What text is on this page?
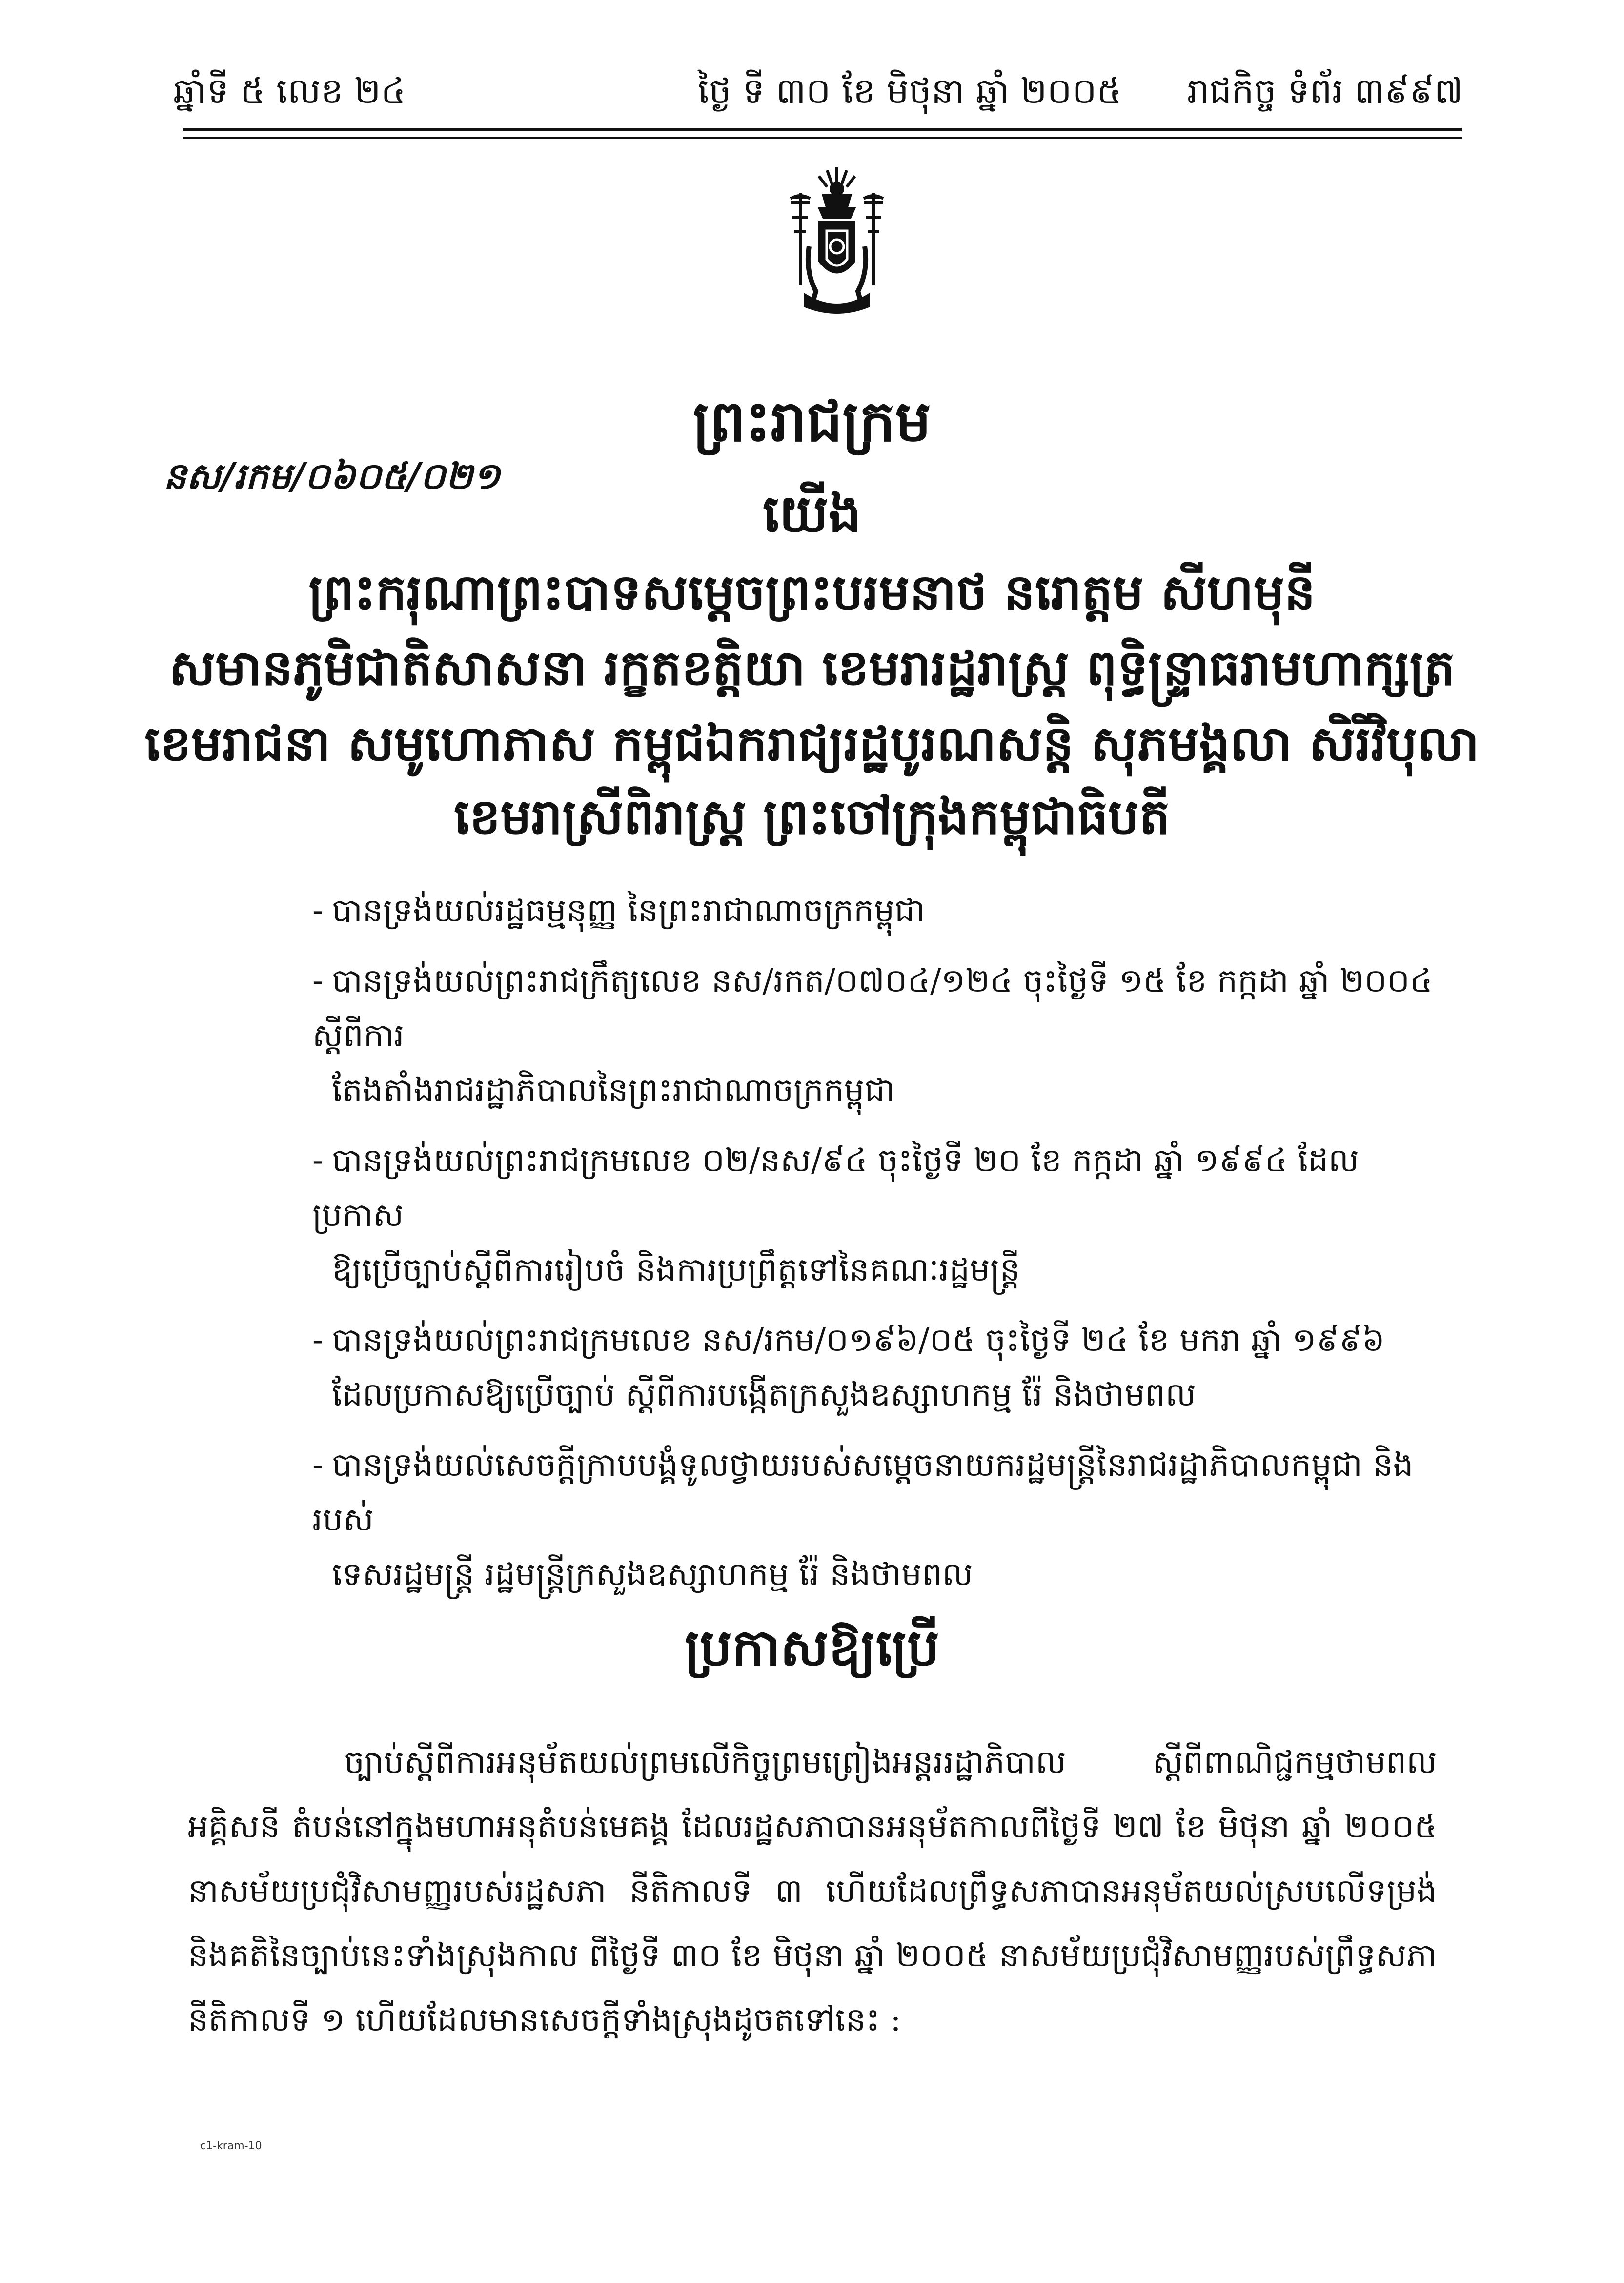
ឆ្នាំទី ៥ លេខ ២៤	ថ្ងៃ ទី ៣០ ខែ មិថុនា ឆ្នាំ ២០០៥ រាជកិច្ច ទំព័រ ៣៩៩៧
ព្រះរាជក្រម
នស/រកម/០៦០៥/០២១
យើង
ព្រះករុណាព្រះបាទសម្តេចព្រះបរមនាថ នរោត្តម សីហមុនី
សមានភូមិជាតិសាសនា រក្ខតខត្តិយា ខេមរារដ្ឋរាស្ត្រ ពុទ្ធិន្ទ្រាធរាមហាក្សត្រ
ខេមរាជនា សមូហោភាស កម្ពុជឯករាជ្យរដ្ឋបូរណសន្តិ សុភមង្គលា សិរីវិបុលា
ខេមរាស្រីពិរាស្ត្រ ព្រះចៅក្រុងកម្ពុជាធិបតី
- បានទ្រង់យល់រដ្ឋធម្មនុញ្ញ នៃព្រះរាជាណាចក្រកម្ពុជា
- បានទ្រង់យល់ព្រះរាជក្រឹត្យលេខ នស/រកត/០៧០៤/១២៤ ចុះថ្ងៃទី ១៥ ខែ កក្កដា ឆ្នាំ ២០០៤ ស្តីពីការ
តែងតាំងរាជរដ្ឋាភិបាលនៃព្រះរាជាណាចក្រកម្ពុជា
- បានទ្រង់យល់ព្រះរាជក្រមលេខ ០២/នស/៩៤ ចុះថ្ងៃទី ២០ ខែ កក្កដា ឆ្នាំ ១៩៩៤ ដែលប្រកាស
ឱ្យប្រើច្បាប់ស្តីពីការរៀបចំ និងការប្រព្រឹត្តទៅនៃគណៈរដ្ឋមន្ត្រី
- បានទ្រង់យល់ព្រះរាជក្រមលេខ នស/រកម/០១៩៦/០៥ ចុះថ្ងៃទី ២៤ ខែ មករា ឆ្នាំ ១៩៩៦
ដែលប្រកាសឱ្យប្រើច្បាប់ ស្តីពីការបង្កើតក្រសួងឧស្សាហកម្ម រ៉ែ និងថាមពល
- បានទ្រង់យល់សេចក្តីក្រាបបង្គំទូលថ្វាយរបស់សម្តេចនាយករដ្ឋមន្ត្រីនៃរាជរដ្ឋាភិបាលកម្ពុជា និងរបស់
ទេសរដ្ឋមន្ត្រី រដ្ឋមន្ត្រីក្រសួងឧស្សាហកម្ម រ៉ែ និងថាមពល
ប្រកាសឱ្យប្រើ
ច្បាប់ស្តីពីការអនុម័តយល់ព្រមលើកិច្ចព្រមព្រៀងអន្តររដ្ឋាភិបាល ស្តីពីពាណិជ្ជកម្មថាមពលអគ្គិសនី តំបន់នៅក្នុងមហាអនុតំបន់មេគង្គ ដែលរដ្ឋសភាបានអនុម័តកាលពីថ្ងៃទី ២៧ ខែ មិថុនា ឆ្នាំ ២០០៥ នាសម័យប្រជុំវិសាមញ្ញរបស់រដ្ឋសភា នីតិកាលទី ៣ ហើយដែលព្រឹទ្ធសភាបានអនុម័តយល់ស្របលើទម្រង់ និងគតិនៃច្បាប់នេះទាំងស្រុងកាល ពីថ្ងៃទី ៣០ ខែ មិថុនា ឆ្នាំ ២០០៥ នាសម័យប្រជុំវិសាមញ្ញរបស់ព្រឹទ្ធសភា នីតិកាលទី ១ ហើយដែលមានសេចក្តីទាំងស្រុងដូចតទៅនេះ :
c1-kram-10
